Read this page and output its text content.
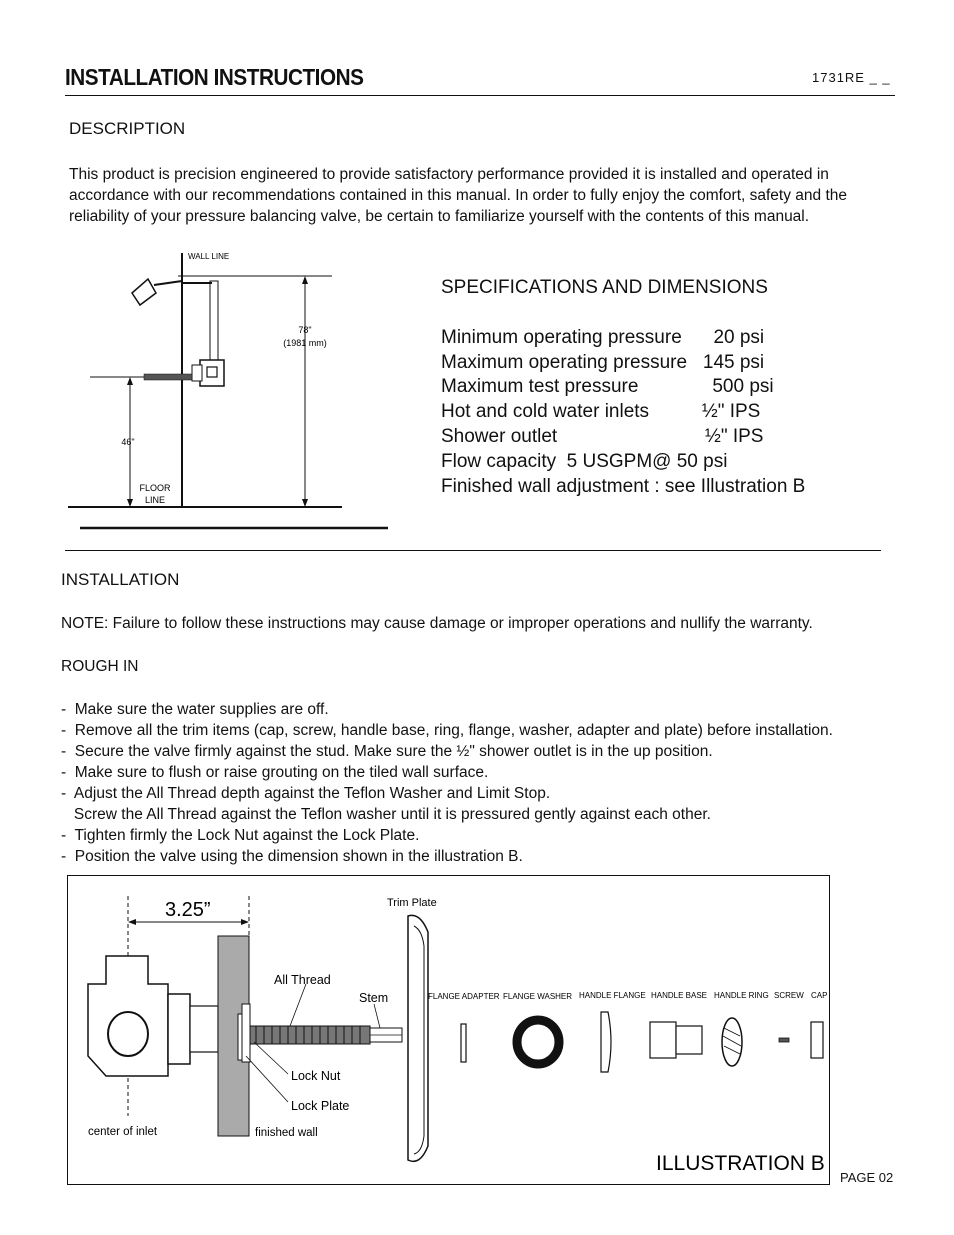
INSTALLATION INSTRUCTIONS	1731RE _ _
DESCRIPTION
This product is precision engineered to provide satisfactory performance provided it is installed and operated in accordance with our recommendations contained in this manual. In order to fully enjoy the comfort, safety and the reliability of your pressure balancing valve, be certain to familiarize yourself with the contents of this manual.
WALL LINE
78"
(1981 mm)
46"
FLOOR
LINE
SPECIFICATIONS AND DIMENSIONS
Minimum operating pressure      20 psi
Maximum operating pressure   145 psi
Maximum test pressure              500 psi
Hot and cold water inlets          ½" IPS
Shower outlet                            ½" IPS
Flow capacity  5 USGPM@ 50 psi
Finished wall adjustment : see Illustration B
INSTALLATION
NOTE: Failure to follow these instructions may cause damage or improper operations and nullify the warranty.
ROUGH IN
-  Make sure the water supplies are off.
-  Remove all the trim items (cap, screw, handle base, ring, flange, washer, adapter and plate) before installation.
-  Secure the valve firmly against the stud. Make sure the ½" shower outlet is in the up position.
-  Make sure to flush or raise grouting on the tiled wall surface.
-  Adjust the All Thread depth against the Teflon Washer and Limit Stop.
Screw the All Thread against the Teflon washer until it is pressured gently against each other.
-  Tighten firmly the Lock Nut against the Lock Plate.
-  Position the valve using the dimension shown in the illustration B.
3.25”	Trim Plate
All Thread
Stem
Lock Nut
Lock Plate
center of inlet	finished wall
FLANGE ADAPTER FLANGE WASHER HANDLE FLANGE HANDLE BASE HANDLE RING SCREW CAP
ILLUSTRATION B
PAGE 02
